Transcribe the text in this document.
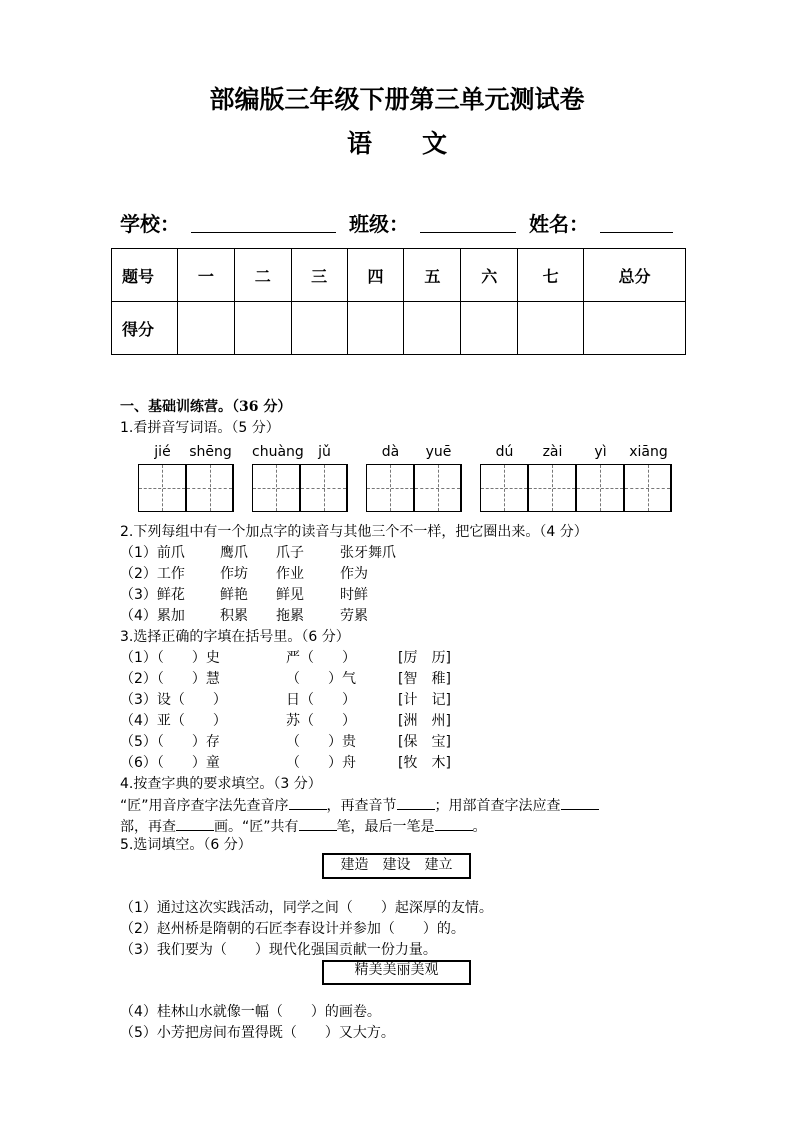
部编版三年级下册第三单元测试卷
语　　文
学校：	班级：	姓名：
题号	一	二	三	四	五	六	七	总分
得分								
一、基础训练营。（36 分）
1.看拼音写词语。（5 分）
jié	shēng chuàng	jǔ	dà	yuē	dú	zài	yì	xiāng
2.下列每组中有一个加点字的读音与其他三个不一样，把它圈出来。（4 分）
（1）前爪	鹰爪 爪子	张牙舞爪
（2）工作	作坊 作业	作为
（3）鲜花	鲜艳 鲜见	时鲜
（4）累加	积累 拖累	劳累
3.选择正确的字填在括号里。（6 分）
（1）（　　）史	严（　　）	[厉　历]
（2）（　　）慧	（　　）气	[智　稚]
（3）设（　　）	日（　　）	[计　记]
（4）亚（　　）	苏（　　）	[洲　州]
（5）（　　）存	（　　）贵	[保　宝]
（6）（　　）童	（　　）舟	[牧　木]
4.按查字典的要求填空。（3 分）
“匠”用音序查字法先查音序	，再查音节	；用部首查字法应查
部，再查	画。“匠”共有	笔，最后一笔是	。
5.选词填空。（6 分）
建造　建设　建立
（1）通过这次实践活动，同学之间（　　）起深厚的友情。
（2）赵州桥是隋朝的石匠李春设计并参加（　　）的。
（3）我们要为（　　）现代化强国贡献一份力量。
精美美丽美观
（4）桂林山水就像一幅（　　）的画卷。
（5）小芳把房间布置得既（　　）又大方。
